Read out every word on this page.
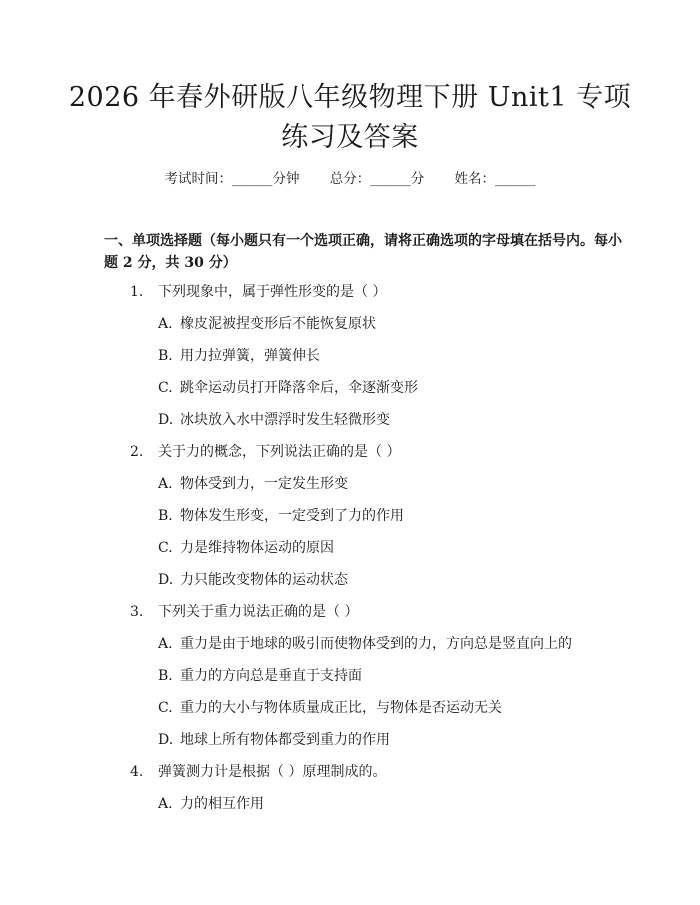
2026 年春外研版八年级物理下册 Unit1 专项练习及答案
考试时间：______分钟 总分：______分 姓名：______
一、单项选择题（每小题只有一个选项正确，请将正确选项的字母填在括号内。每小题 2 分，共 30 分）
1. 下列现象中，属于弹性形变的是（ ）
A. 橡皮泥被捏变形后不能恢复原状
B. 用力拉弹簧，弹簧伸长
C. 跳伞运动员打开降落伞后，伞逐渐变形
D. 冰块放入水中漂浮时发生轻微形变
2. 关于力的概念，下列说法正确的是（ ）
A. 物体受到力，一定发生形变
B. 物体发生形变，一定受到了力的作用
C. 力是维持物体运动的原因
D. 力只能改变物体的运动状态
3. 下列关于重力说法正确的是（ ）
A. 重力是由于地球的吸引而使物体受到的力，方向总是竖直向上的
B. 重力的方向总是垂直于支持面
C. 重力的大小与物体质量成正比，与物体是否运动无关
D. 地球上所有物体都受到重力的作用
4. 弹簧测力计是根据（ ）原理制成的。
A. 力的相互作用
